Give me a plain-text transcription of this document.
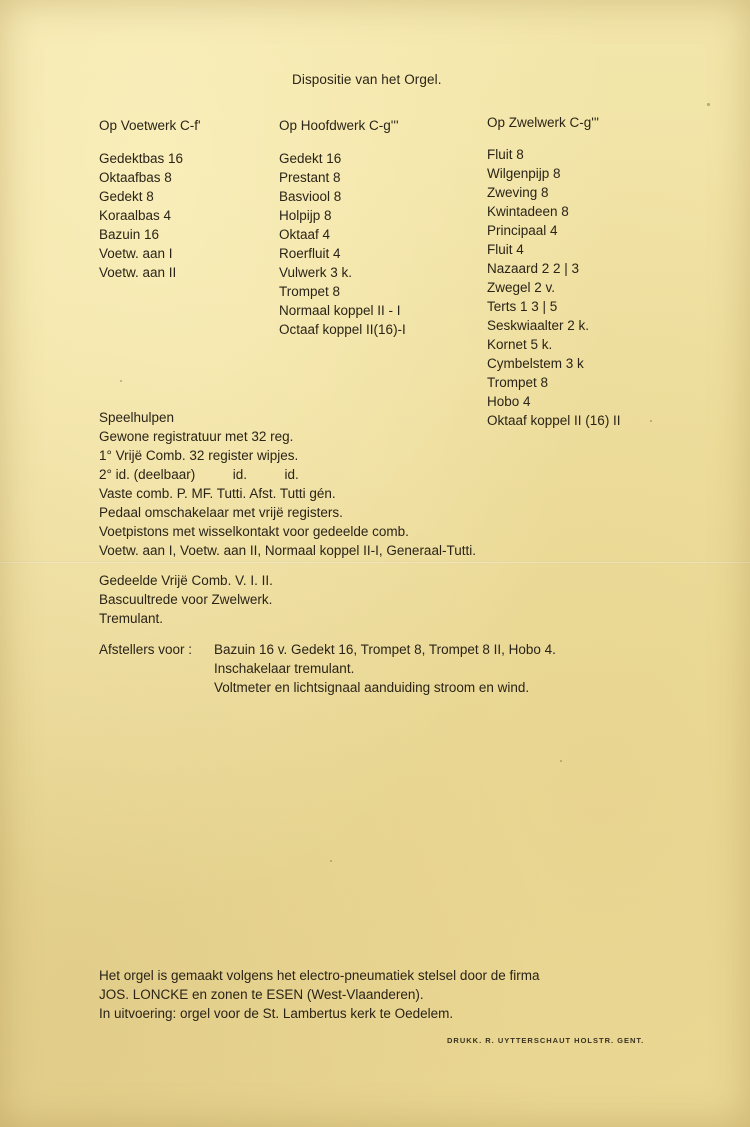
Dispositie van het Orgel.
Op Voetwerk C-f'
Gedektbas 16
Oktaafbas 8
Gedekt 8
Koraalbas 4
Bazuin 16
Voetw. aan I
Voetw. aan II
Op Hoofdwerk C-g'''
Gedekt 16
Prestant 8
Basviool 8
Holpijp 8
Oktaaf 4
Roerfluit 4
Vulwerk 3 k.
Trompet 8
Normaal koppel II - I
Octaaf koppel II(16)-I
Op Zwelwerk C-g'''
Fluit 8
Wilgenpijp 8
Zweving 8
Kwintadeen 8
Principaal 4
Fluit 4
Nazaard 2 2 | 3
Zwegel 2 v.
Terts 1 3 | 5
Seskwiaalter 2 k.
Kornet 5 k.
Cymbelstem 3 k
Trompet 8
Hobo 4
Oktaaf koppel II (16) II
Speelhulpen
Gewone registratuur met 32 reg.
1° Vrijë Comb. 32 register wipjes.
2° id. (deelbaar)          id.          id.
Vaste comb. P. MF. Tutti. Afst. Tutti gén.
Pedaal omschakelaar met vrijë registers.
Voetpistons met wisselkontakt voor gedeelde comb.
Voetw. aan I, Voetw. aan II, Normaal koppel II-I, Generaal-Tutti.
Gedeelde Vrijë Comb. V. I. II.
Bascuultrede voor Zwelwerk.
Tremulant.
Afstellers voor : Bazuin 16 v. Gedekt 16, Trompet 8, Trompet 8 II, Hobo 4.
Inschakelaar tremulant.
Voltmeter en lichtsignaal aanduiding stroom en wind.
Het orgel is gemaakt volgens het electro-pneumatiek stelsel door de firma
JOS. LONCKE en zonen te ESEN (West-Vlaanderen).
In uitvoering: orgel voor de St. Lambertus kerk te Oedelem.
DRUKK. R. UYTTERSCHAUT HOLSTR. GENT.
